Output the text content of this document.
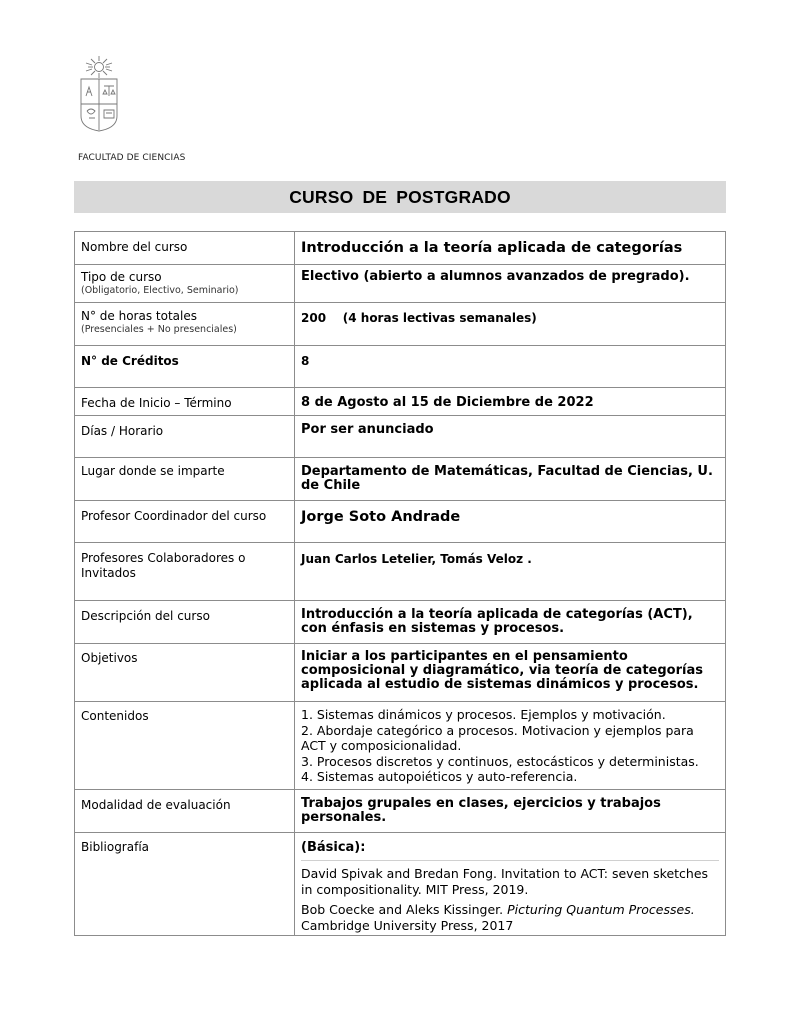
FACULTAD DE CIENCIAS
CURSO DE POSTGRADO
Nombre del curso	Introducción a la teoría aplicada de categorías

Tipo de curso
(Obligatorio, Electivo, Seminario)	Electivo (abierto a alumnos avanzados de pregrado).

N° de horas totales
(Presenciales + No presenciales)	200    (4 horas lectivas semanales)

N° de Créditos	8

Fecha de Inicio – Término	8 de Agosto al 15 de Diciembre de 2022

Días / Horario	Por ser anunciado

Lugar donde se imparte	Departamento de Matemáticas, Facultad de Ciencias, U. de Chile

Profesor Coordinador del curso	Jorge Soto Andrade

Profesores Colaboradores o Invitados	Juan Carlos Letelier, Tomás Veloz .

Descripción del curso	Introducción a la teoría aplicada de categorías (ACT), con énfasis en sistemas y procesos.

Objetivos	Iniciar a los participantes en el pensamiento composicional y diagramático, via teoría de categorías aplicada al estudio de sistemas dinámicos y procesos.

Contenidos	1. Sistemas dinámicos y procesos. Ejemplos y motivación.
2. Abordaje categórico a procesos. Motivacion y ejemplos para ACT y composicionalidad.
3. Procesos discretos y continuos, estocásticos y deterministas.
4. Sistemas autopoiéticos y auto-referencia.

Modalidad de evaluación	Trabajos grupales en clases, ejercicios y trabajos personales.

Bibliografía	(Básica):
David Spivak and Bredan Fong. Invitation to ACT: seven sketches in compositionality. MIT Press, 2019.
Bob Coecke and Aleks Kissinger. Picturing Quantum Processes.
Cambridge University Press, 2017
